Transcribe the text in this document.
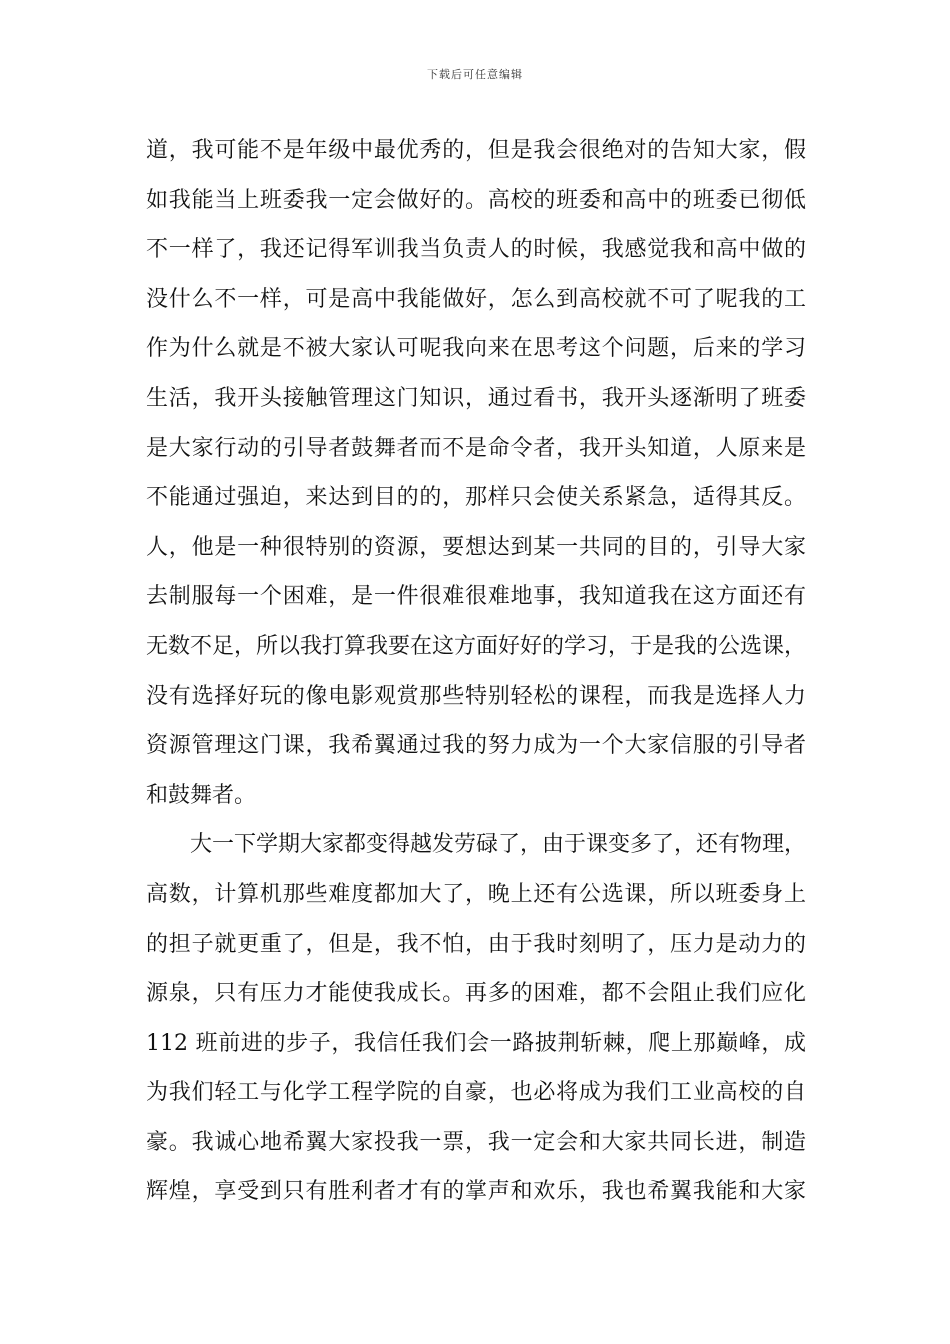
下载后可任意编辑
道，我可能不是年级中最优秀的，但是我会很绝对的告知大家，假
如我能当上班委我一定会做好的。高校的班委和高中的班委已彻低
不一样了，我还记得军训我当负责人的时候，我感觉我和高中做的
没什么不一样，可是高中我能做好，怎么到高校就不可了呢我的工
作为什么就是不被大家认可呢我向来在思考这个问题，后来的学习
生活，我开头接触管理这门知识，通过看书，我开头逐渐明了班委
是大家行动的引导者鼓舞者而不是命令者，我开头知道，人原来是
不能通过强迫，来达到目的的，那样只会使关系紧急，适得其反。
人，他是一种很特别的资源，要想达到某一共同的目的，引导大家
去制服每一个困难，是一件很难很难地事，我知道我在这方面还有
无数不足，所以我打算我要在这方面好好的学习，于是我的公选课，
没有选择好玩的像电影观赏那些特别轻松的课程，而我是选择人力
资源管理这门课，我希翼通过我的努力成为一个大家信服的引导者
和鼓舞者。
大一下学期大家都变得越发劳碌了，由于课变多了，还有物理，
高数，计算机那些难度都加大了，晚上还有公选课，所以班委身上
的担子就更重了，但是，我不怕，由于我时刻明了，压力是动力的
源泉，只有压力才能使我成长。再多的困难，都不会阻止我们应化
112 班前进的步子，我信任我们会一路披荆斩棘，爬上那巅峰，成
为我们轻工与化学工程学院的自豪，也必将成为我们工业高校的自
豪。我诚心地希翼大家投我一票，我一定会和大家共同长进，制造
辉煌，享受到只有胜利者才有的掌声和欢乐，我也希翼我能和大家
